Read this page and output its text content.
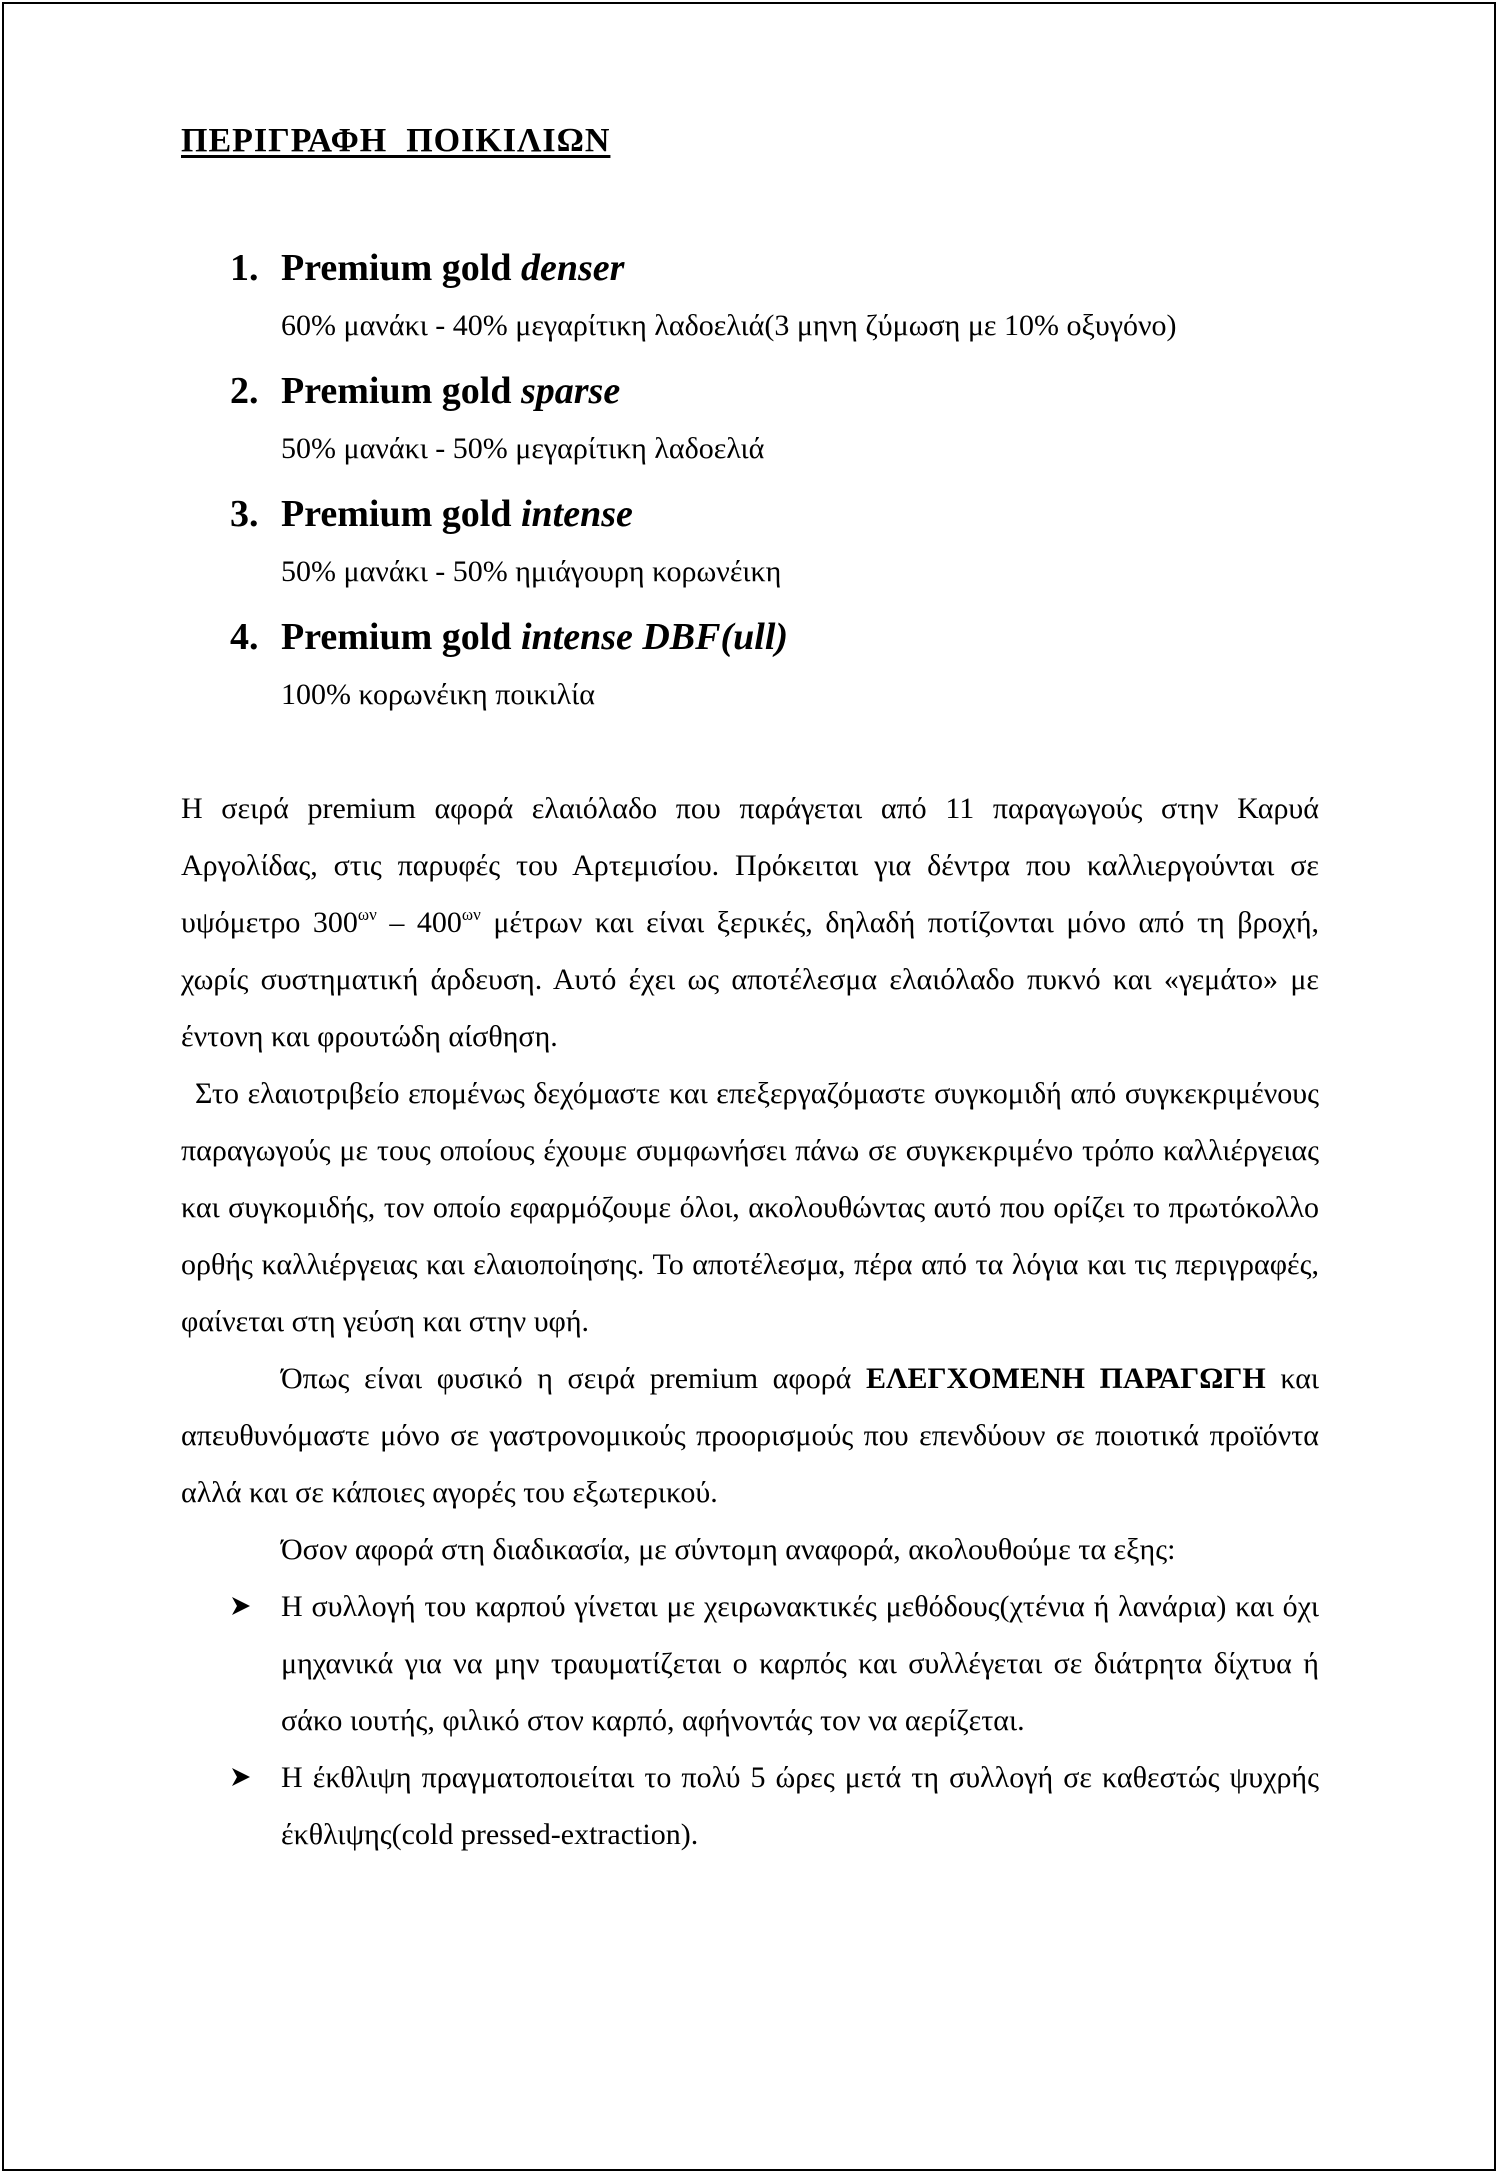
ΠΕΡΙΓΡΑΦΗ  ΠΟΙΚΙΛΙΩΝ
1. Premium gold denser
60% μανάκι - 40% μεγαρίτικη λαδοελιά(3 μηνη ζύμωση με 10% οξυγόνο)
2. Premium gold sparse
50% μανάκι - 50% μεγαρίτικη λαδοελιά
3. Premium gold intense
50% μανάκι - 50% ημιάγουρη κορωνέικη
4. Premium gold intense DBF(ull)
100% κορωνέικη ποικιλία

Η σειρά premium αφορά ελαιόλαδο που παράγεται από 11 παραγωγούς στην Καρυά Αργολίδας, στις παρυφές του Αρτεμισίου. Πρόκειται για δέντρα που καλλιεργούνται σε υψόμετρο $300^{\omega\nu} - 400^{\omega\nu}$ μέτρων και είναι ξερικές, δηλαδή ποτίζονται μόνο από τη βροχή, χωρίς συστηματική άρδευση. Αυτό έχει ως αποτέλεσμα ελαιόλαδο πυκνό και «γεμάτο» με έντονη και φρουτώδη αίσθηση.

Στο ελαιοτριβείο επομένως δεχόμαστε και επεξεργαζόμαστε συγκομιδή από συγκεκριμένους παραγωγούς με τους οποίους έχουμε συμφωνήσει πάνω σε συγκεκριμένο τρόπο καλλιέργειας και συγκομιδής, τον οποίο εφαρμόζουμε όλοι, ακολουθώντας αυτό που ορίζει το πρωτόκολλο ορθής καλλιέργειας και ελαιοποίησης. Το αποτέλεσμα, πέρα από τα λόγια και τις περιγραφές, φαίνεται στη γεύση και στην υφή.

Όπως είναι φυσικό η σειρά premium αφορά ΕΛΕΓΧΟΜΕΝΗ ΠΑΡΑΓΩΓΗ και απευθυνόμαστε μόνο σε γαστρονομικούς προορισμούς που επενδύουν σε ποιοτικά προϊόντα αλλά και σε κάποιες αγορές του εξωτερικού.

Όσον αφορά στη διαδικασία, με σύντομη αναφορά, ακολουθούμε τα εξης:

Η συλλογή του καρπού γίνεται με χειρωνακτικές μεθόδους(χτένια ή λανάρια) και όχι μηχανικά για να μην τραυματίζεται ο καρπός και συλλέγεται σε διάτρητα δίχτυα ή σάκο ιουτής, φιλικό στον καρπό, αφήνοντάς τον να αερίζεται.
Η έκθλιψη πραγματοποιείται το πολύ 5 ώρες μετά τη συλλογή σε καθεστώς ψυχρής έκθλιψης(cold pressed-extraction).
